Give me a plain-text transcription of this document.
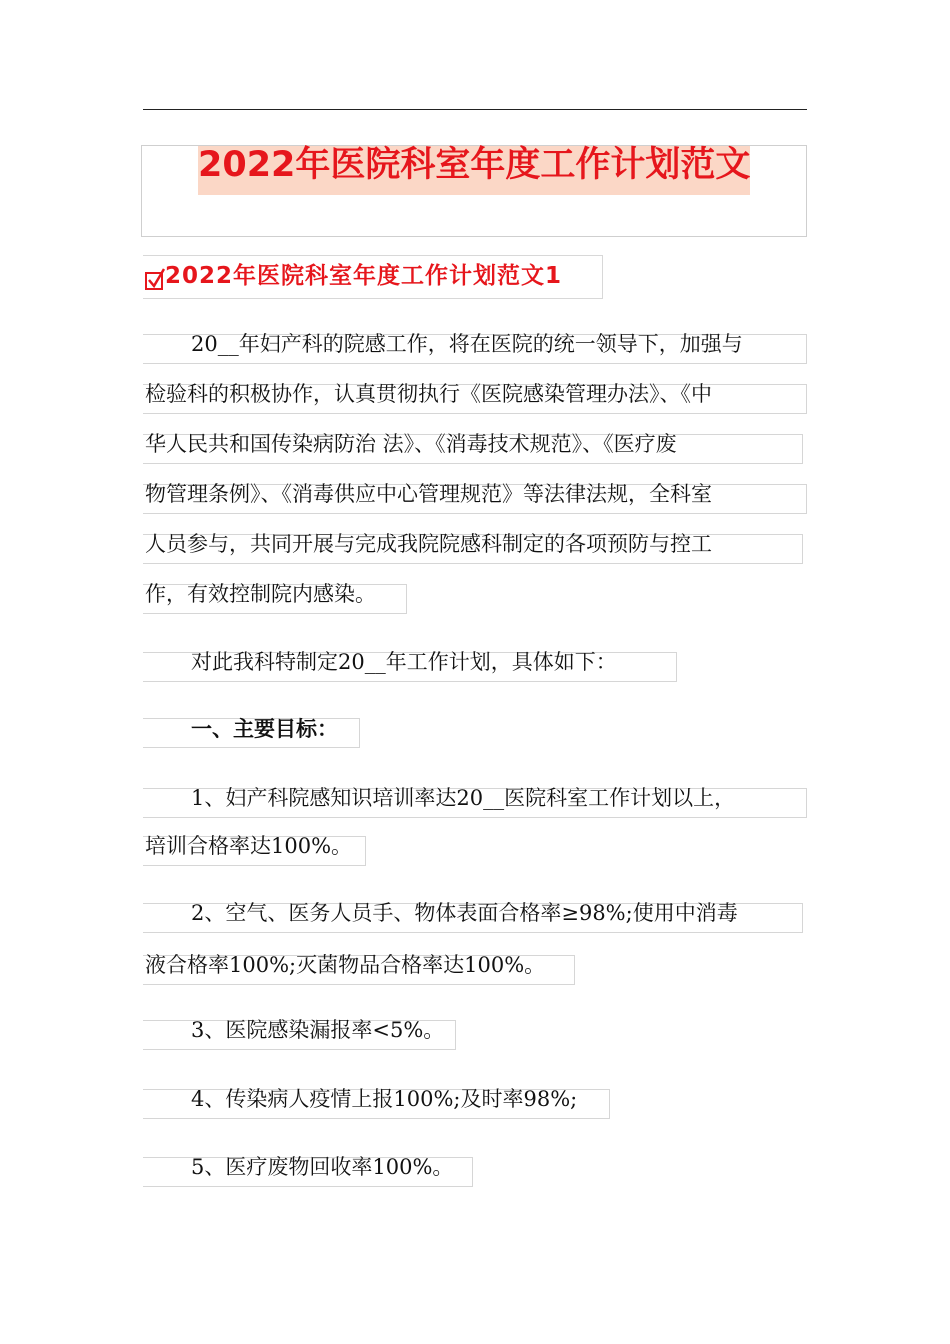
2022年医院科室年度工作计划范文
2022年医院科室年度工作计划范文1
20__年妇产科的院感工作，将在医院的统一领导下，加强与
检验科的积极协作，认真贯彻执行《医院感染管理办法》、《中
华人民共和国传染病防治 法》、《消毒技术规范》、《医疗废
物管理条例》、《消毒供应中心管理规范》等法律法规，全科室
人员参与，共同开展与完成我院院感科制定的各项预防与控工
作，有效控制院内感染。
对此我科特制定20__年工作计划，具体如下：
一、主要目标：
1、妇产科院感知识培训率达20__医院科室工作计划以上，
培训合格率达100%。
2、空气、医务人员手、物体表面合格率≥98%;使用中消毒
液合格率100%;灭菌物品合格率达100%。
3、医院感染漏报率<5%。
4、传染病人疫情上报100%;及时率98%;
5、医疗废物回收率100%。
